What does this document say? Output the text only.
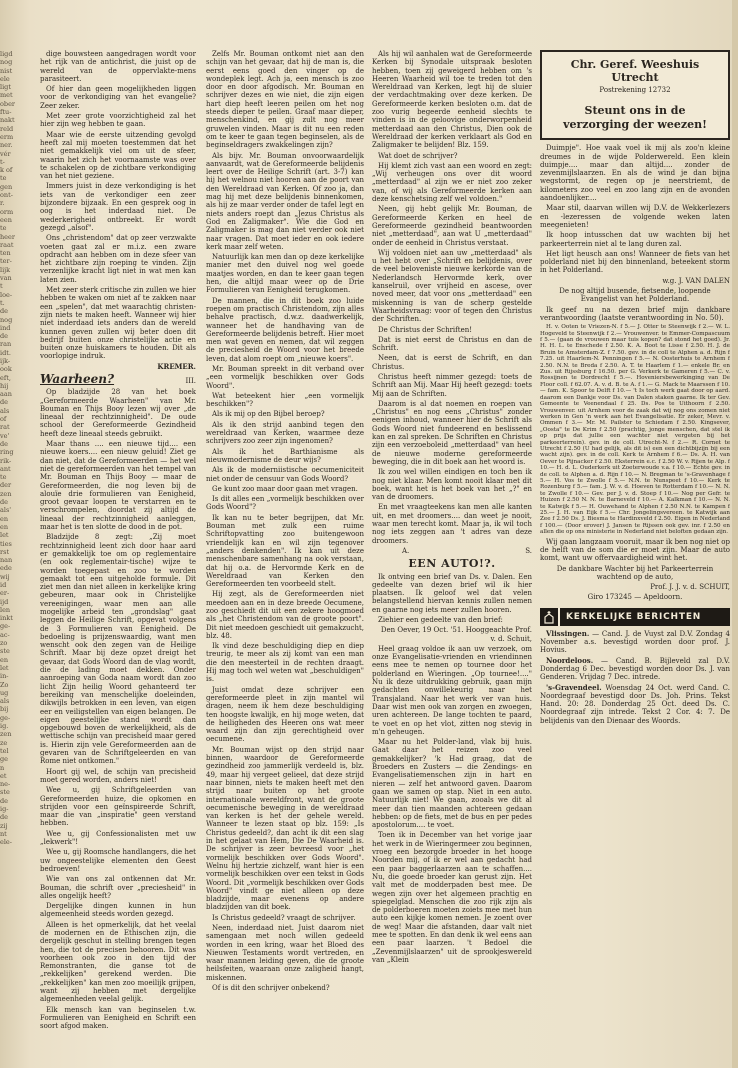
ligd
nog
nist
ele
ligt
met
ober
ftu-
nakt
reld
erm
ner.
vér
t-
k of
te
gen
ont-
r.
orm
een
te
heer
raat
ten
ter-
lijk
van
t
loe-
t.
de
nog
ind
de
ran
idt.
ijk-
ook
eft,
hij
aan
de
als
of
rat
ve'
de
ring
rik-
ant
te
der
zen
de
als'
en
en
let
ties
rst
nan
ede
wij
id
er-
ijd
len
inkt
ge-
ac-
zo
ste
en
let
in-
Zo
ug
als
bij
ge-
ig.
zen
ze
tel
ge
n
et
ne-
ste
de
ig-
de
zij
nt
ele-

dige bouwsteen aangedragen wordt voor het rijk van de antichrist, die juist op de wereld van de oppervlakte-mens parasiteert.

Of hier dan geen mogelijkheden liggen voor de verkondiging van het evangelie? Zeer zeker.

Met zeer grote voorzichtigheid zal het hier zijn weg hebben te gaan.

Maar wie de eerste uitzending gevolgd heeft zal mij moeten toestemmen dat het niet gemakkelijk viel om uit de sfeer, waarin het zich het voornaamste was over te schakelen op de zichtbare verkondiging van het niet geziene.

Immers juist in deze verkondiging is het iets van de verkondiger een zeer bijzondere bijzaak. En een gesprek oog in oog is het inderdaad niet. De wederkerigheid ontbreekt. Er wordt gezegd „alsof".

Ons „christendom" dat op zeer verzwakte voeten gaat zal er m.i.z. een zware opdracht aan hebben om in deze sfeer van het zichtbare zijn roeping te vinden. Zijn verzenlijke kracht ligt niet in wat men kan laten zien.

Met zeer sterk critische zin zullen we hier hebben te waken om niet af te zakken naar een „spelen", dat met waarachtig christen-zijn niets te maken heeft. Wanneer wij hier niet inderdaad iets anders dan de wereld kunnen geven zullen wij beter doen dit bedrijf buiten onze christelijke actie en buiten onze huiskamers te houden. Dit als voorlopige indruk.

KREMER.

Waarheen?	III.

Op bladzijde 28 van het boek „Gereformeerde Waarheen" van Mr. Bouman en Thijs Booy lezen wij over „de lineaal der rechtzinnigheid". De oude school der Gereformeerde Gezindheid heeft deze lineaal steeds gebruikt.

Maar thans .... een nieuwe tijd.... een nieuwe koers.... een nieuw geluid! Ziet ge dan niet, dat de Gereformeerden — het wel niet de gereformeerden van het tempel van Mr. Bouman en Thijs Booy — maar de Gereformeerden, die nog leven bij de alouïe drie formulieren van Eenigheid, groot gevaar loopen te verstarren en te verschrompelen, doordat zij altijd de lineaal der rechtzinnigheid aanleggen, maar het is ten slotte de dood in de pot.

Bladzijde 8 zegt: „Zij moet rechtzinnigheid leent zich door haar aard er gemakkelijk toe om op reglementaire (en ook reglementair-tische) wijze te worden toegepast en zoo te worden gemaakt tot een uitgeholde formule. Dit ziet men dan niet alleen in kerkelijke kring gebeuren, maar ook in Christelijke vereenigingen, waar men aan alle mogelijke arbeid ten „grondslag" gaat leggen de Heilige Schrift, opgevat volgens de 3 Formulieren van Eenigheid. De bedoeling is prijzenswaardig, want men wenscht ook den zegen van de Heilige Schrift. Maar bij deze opzet dreigt het gevaar, dat Gods Woord dan de vlag wordt, die de lading moet dekken. Onder aanroeping van Goda naam wordt dan zoo licht Zijn heilig Woord gehanteerd ter bereiking van menschelijke doeleinden, dikwijls betrokken in een leven, van eigen eer en veiligstellen van eigen belangen. De eigen geestelijke stand wordt dan opgebouwd boven de werkelijkheid, als de wettische schijn van precisheid maar gered is. Hierin zijn vele Gereformeerden aan de gevaren van de Schriftgeleerden en van Rome niet ontkomen."

Hoort gij wel, de schijn van precisheid moet gered worden, anders niet!

Wee u, gij Schriftgeleerden van Gereformeerden huize, die opkomen en strijden voor een geïnspireerde Schrift, maar die van „inspiratie" geen verstand hebben.

Wee u, gij Confessionalisten met uw „lekwerk"!

Wee u, gij Roomsche handlangers, die het uw ongeestelijke elementen den Geest bedroeven!

Wie van ons zal ontkennen dat Mr. Bouman, die schrift over „preciesheid" in alles ongelijk heeft?

Dergelijke dingen kunnen in hun algemeenheid steeds worden gezegd.

Alleen is het opmerkelijk, dat het veelal de modernen en de Ethischen zijn, die dergelijk geschut in stelling brengen tegen hen, die tot de precisen behooren. Dit was voorheen ook zoo in den tijd der Remonstranten, die ganse tot de „rekkelijken" gerekend werden. Die „rekkelijken" kan men zoo moeilijk grijpen, want zij hebben met dergelijke algemeenheden veelal gelijk.

Elk mensch kan van beginselen t.w. Formulieren van Eenigheid en Schrift een soort afgod maken.

Zelfs Mr. Bouman ontkomt niet aan den schijn van het gevaar, dat hij de man is, die eerst eens goed den vinger op de wondeplek legt. Ach ja, een mensch is zoo door en door afgodisch. Mr. Bouman en schrijver dezes en wie niet, die zijn eigen hart diep heeft leeren peilen om het nog steeds dieper te peilen. Graaf maar dieper, menschenkind, en gij zult nog meer gruwelen vinden. Maar is dit nu een reden om te keer te gaan tegen beginselen, als de beginseldragers zwakkelingen zijn?

Als bijv. Mr. Bouman onvoorwaardelijk aanvaardt, wat de Gereformeerde belijdenis leert over de Heilige Schrift (art. 3-7) kan hij het welnou niet hooren aan de poort van den Wereldraad van Kerken. Of zoo ja, dan mag hij met deze belijdenis binnenkomen, als hij ze maar verder onder de tafel legt en niets anders roept dan „Jezus Christus als God en Zaligmaker". Wie die God en Zaligmaker is mag dan niet verder ook niet naar vragen. Dat moet ieder en ook iedere kerk maar zelf weten.

Natuurlijk kan men dan op deze kerkelijke manier met den duivel nog wel goede maatjes worden, en dan te keer gaan tegen hen, die altijd maar weer op de Drie Formulieren van Eenigheid terugkomen.

De mannen, die in dit boek zoo luide roepen om practisch Christendom, zijn alles behalve practisch, d.w.z. daadwerkelijk, wanneer het de handhaving van de Gereformeerde belijdenis betreft. Hier moet men wat geven en nemen, dat wil zeggen de preciesheid de Woord voor het breede leven, dat alom roept om „nieuwe koers".

Mr. Bouman spreekt in dit verband over „een vormelijk beschikken over Gods Woord".

Wat beteekent hier „een vormelijk beschikken"?

Als ik mij op den Bijbel beroep?

Als ik den strijd aanbind tegen den wereldraad van Kerken, waarmee deze schrijvers zoo zeer zijn ingenomen?

Als ik het Barthianisme als nieuwmodernisme de deur wijs?

Als ik de moderniistische oecumeniciteit niet onder de censuur van Gods Woord?

Ge kunt zoo maar door gaan met vragen.

Is dit alles een „vormelijk beschikken over Gods Woord"?

Ik kan nu te beter begrijpen, dat Mr. Bouman met zulk een ruime Schriftopvatting zoo buitengewoon vriendelijk kan en wil zijn tegenover „anders denkenden". Ik kan uit deze menschenbare samenhang na ook verstaan, dat hij o.a. de Hervormde Kerk en de Wereldraad van Kerken den Gereformeerden ten voorbeeld stelt.

Hij zegt, als de Gereformeerden niet meedoen aan en in deze breede Oecumene, zoo geschiedt dit uit een zekere hoogmoed als „het Christendom van de groote poort". Dit niet meedoen geschiedt uit gemakzucht, blz. 48.

Ik vind deze beschuldiging diep en diep treurig, te meer als zij komt van een man die den meesterteil in de rechten draagt. Hij mag toch wel weten wat „beschuldigen" is.

Juist omdat deze schrijver een gereformeerde pleet in zijn mantel wil dragen, neem ik hem deze beschuldiging ten hoogste kwalijk, en hij moge weten, dat de heiligheden des Heeren ons wat meer waard zijn dan zijn gerechtigheid over oecumene.

Mr. Bouman wijst op den strijd naar binnen, waardoor de Gereformeerde gezindheid zoo jammerlijk verdeeld is, blz. 49, maar hij vergeet gelieel, dat deze strijd naar binnen, niets te maken heeft met den strijd naar buiten op het groote internationale wereldfront, want de groote oecumenische beweging in de wereldraad van kerken is het der gehele wereld. Wanneer te lezen staat op blz. 159: „Is Christus gedeeld?, dan acht ik dit een slag in het gelaat van Hem, Die De Waarheid is. De schrijver is zeer bevreesd voor „het vormelijk beschikken over Gods Woord". Welnu hij hertzie zichzelf, want hier is een vormelijk beschikken over een tekst in Gods Woord. Dit „vormelijk beschikken over Gods Woord" vindt ge niet alleen op deze bladzijde, maar evenens op andere bladzijden van dit boek.

Is Christus gedeeld? vraagt de schrijver.

Neen, inderdaad niet. Juist daarom niet samengaan met noch willen gedeeld worden in een kring, waar het Bloed des Nieuwen Testaments wordt vertreden, en waar mannen leiding geven, die de groote heilsfeiten, waaraan onze zaligheid hangt, miskennen.

Of is dit den schrijver onbekend?

Als hij wil aanhalen wat de Gereformeerde Kerken bij Synodale uitspraak besloten hebben, toen zij geweigerd hebben om 's Heeren Waarheid wil toe te treden tot den Wereldraad van Kerken, legt hij de sluier der verdachtmaking over deze kerken. De Gereformeerde kerken besloten o.m. dat de zoo vurig begeerde eenheid slechts te vinden is in de geloovige onderworpenheid metterdaad aan den Christus, Dien ook de Wereldraad der kerken verklaart als God en Zaligmaker te belijden! Blz. 159.

Wat doet de schrijver?

Hij klemt zich vast aan een woord en zegt: „Wij verheugen ons over dit woord „metterdaad" al zijn we er niet zoo zeker van, of wij als Gereformeerde kerken aan deze kenschetsing zelf wel voldoen."

Neen, gij hebt gelijk Mr. Bouman, de Gereformeerde Kerken en heel de Gereformeerde gezindheid beantwoorden niet „metterdaad", aan wat U „metterdaad" onder de eenheid in Christus verstaat.

Wij voldoen niet aan uw „metterdaad" als u het hebt over „Schrift en belijdenis, over de veel beloveniste nieuwe kerkorde van de Nederlandsch Hervormde kerk, over kanselruil, over vrijheid en ascese, over noved meer, dat voor ons „metterdaad" een miskenning is van de scherp gestelde Waarheidsvraag: voor of tegen den Christus der Schriften.

De Christus der Schriften!

Dat is niet eerst de Christus en dan de Schrift.

Neen, dat is eerst de Schrift, en dan Christus.

Christus heeft nimmer gezegd: toets de Schrift aan Mij. Maar Hij heeft gezegd: toets Mij aan de Schriften.

Daarom is al dat noemen en roepen van „Christus" en nog eens „Christus" zonder eenigen inhoud, wanneer hier de Schrift als Gods Woord niet fundeerend en beslissend kan en zal spreken. De Schriften en Christus zijn een verzoeboleid „metterdaad" van heel de nieuwe moderne gereformeerde beweging, die in dit boek aan het woord is.

Ik zou wel willen eindigen en toch ben ik nog niet klaar. Men komt nooit klaar met dit boek, want het is het boek van het „?" en van de droomers.

En met vraagteekens kan men alle kanten uit, en met droomers.... dan weet je nooit, waar men terecht komt. Maar ja, ik wil toch nog iets zeggen aan 't adres van deze droomers.

A.	S.
EEN AUTO!?.

Ik ontving een brief van Ds. v. Dalen. Een gedeelte van dezen brief wil ik hier plaatsen. Ik geloof wel dat velen belangstellend hiervan kennis zullen nemen en gaarne nog iets meer zullen hooren.

Ziehier een gedeelte van den brief:

Den Oever, 19 Oct. '51. Hooggeachte Prof. v. d. Schuit,

Heel graag voldoe ik aan uw verzoek, om onze Evangelisatie-vrienden en vriendinnen eens mee te nemen op tournee door het polderland en Wieringen. „Op tournee!...." Nu ik deze uitdrukking gebruik, gaan mijn gedachten onwillekeurig naar het Transjaland. Naar het werk ver van huis. Daar wist men ook van zorgen en zwoegen, uren achtereen. De lange tochten te paard, te voet en op het vlot, zitten nog stevig in m'n geheugen.

Maar nu het Polder-land, vlak bij huis. Gaat daar het reizen zoo veel gemakkelijker? 'k Had graag, dat de Broeders en Zusters — die Zendings- en Evangelisatiemenschen zijn in hart en nieren — zelf het antwoord gaven. Daarom gaan we samen op stap. Niet in een auto. Natuurlijk niet! We gaan, zooals we dit al meer dan tien maanden achtereen gedaan hebben: op de fiets, met de bus en per pedes apostolorum.... te voet.

Toen ik in December van het vorige jaar het werk in de Wieringermeer zou beginnen, vroeg een bezorgde broeder in het hooge Noorden mij, of ik er wel aan gedacht had een paar baggerlaarzen aan te schaffen.... Nu, die goede broeder kan gerust zijn. Het valt met de modderpaden best mee. De wegen zijn over het algemeen prachtig en spiegelglad. Menschen die zoo rijk zijn als de polderboeren moeten zoiets mee met hun auto een kijkje komen nemen. Je zoent over de weg! Maar die afstanden, daar valt niet mee te spotten. En dan denk ik wel eens aan een paar laarzen. 't Bedoel die „Zevenmijlslaarzen" uit de sprookjeswereld van „Klein

Chr. Geref. Weeshuis
Utrecht
Postrekening 12732
Steunt ons in de
verzorging der weezen!

Duimpje". Hoe vaak voel ik mij als zoo'n kleine dreumes in de wijde Polderwereld. Een klein duimpje.... maar dan altijd.... zonder de zevenmijlslaarzen. En als de wind je dan bijna wegstormt, de regen op je neerstriemt, de kilometers zoo veel en zoo lang zijn en de avonden aandoenlijker....

Maar stil, daarvan willen wij D.V. de Wekkerlezers en -lezeressen de volgende weken laten meegenieten!

Ik hoop intusschen dat uw wachten bij het parkeerterrein niet al te lang duren zal.

Het ligt heusch aan ons! Wanneer de fiets van het polderland niet bij den binnenland, beteekent storm in het Polderland.

w.g. J. VAN DALEN

De nog altijd busende, fietsende, loopende Evangelist van het Polderland.

Ik geef nu na dezen brief mijn dankbare verantwoording (laatste verantwoording in No. 50).

H. v. Ooten te Vriezen-N. f 5.— J. Otter te Steenwijk f 2.— W. L. Hogeveld te Steenwijk f 2.— Vrouwenver. te Emmer-Compascuum f 5.— (gaan de vrouwen maar tuis kopen? dat stond het goed). Jr. H. H. L. te Enschede f 2.50. K. A. Boot te Lisse f 2.50. H. J. de Bruin te Amsterdam-Z. f 7.50. gev. in de coll te Alphen a. d. Rijn f 7.25. uit Haarlem-N. Penningen f 5.— N. Oosterhuis te Arnhem f 2.50. N.N. te Breda f 2.50. A. T. te Haarlem f 1.— enkele Br. en Zus. uit Rijssburg f 16.50. per G. Verkerk te Gameren f 5.— C. v. Rossijnen te Dordrecht f 5.—. Hoveniersbewerkinging van De Floor coll. f 62.07. A. v. d. B. te A. f 1.— G. Mack te Maarssen f 10.— fam. K. Spoor te Delft f 10.— 't Is toch werk gaat door op aard. daarom een Dankje voor Ds. van Dalen staken gaarne. Ik ter Gev. Gemeente te Veenendaal f 25. Ds. Pos te Uithoorn f 2.50. Vrouwenver. uit Arnhem voor de zaak dat wij nog ons zomen niet werken in Gen 'n werk aan het Evangelisatie. Er zeker, Mevr. v. Ommen f 3.— Mr. M. Pailster te Schiedam f 2.50. Kingsever, „Oosta" te De Krim f 2.50 (prachtig, jonge menschen, dat stel ik op prijs dat jullie een wachter niet vergeten bij het parkeerterrein). gev. in de coll. Utrecht-N. f 2.— R. Cornet te Utrecht f 2.50 (U had gelijk, als dit is) een een dichtbijzijn bij een wacht zijn). gev. in de coll. Kerk te Arnhem f 6.— Ds. A. H. van Oever te Pijnacker f 2.50. Eksterrein e.c. f 2.50 W. v. Rijen te Alp. f 10.— H. d. L. Ouderkerk uit Zoeterwoude v.a. f 10.— Echte gev. in de coll. te Alphen a. d. Rijn f 10.— N. Bregman te 's-Gravenhage f 5.— H. Vos te Zwolle f 5.— N.N. te Nunspeet f 10.— Kerk te Rozenburg f 5.— fam. J. W. v. d. Hoeven te Rotterdam f 10.— N. N. te Zwolle f 10.— Gev. per J. v. d. Stoep f 10.— Nog per Gefr. te Huizen f 2.50 N. N. te Barneveld f 10.— A. Kalkman f 10.— N. N. te Katwijk f 5.— H. Ouwehand te Alphen f 2.50 N.N. te Kampen f 25.— J. H. van Eijk f 5.— Chr. Jongelingsvereen. te Katwijk aan Zee f 2.50 Ds. J. Biesma te Hardinxveld f 2.50. Eigen in Nederland f 100.— (Door erover) J. Jansen te Rijssen ook gev. inr. f 2.50 en allen die op ons ministerie in Nederland niet beloften gedaan zijn.

Wij gaan langzaam vooruit, maar ik ben nog niet op de helft van de som die er moet zijn. Maar de auto komt, want uw offervaardigheid wint het.

De dankbare Wachter bij het Parkeerterrein wachtend op de auto,

Prof. J. J. v. d. SCHUIT,

Giro 173245 — Apeldoorn.

KERKELIJKE BERICHTEN

Vlissingen. — Cand. J. de Vuyst zal D.V. Zondag 4 November a.s. bevestigd worden door prof. J. Hovius.

Noordeloos. — Cand. B. Bijleveld zal D.V. Donderdag 6 Dec. bevestigd worden door Ds. J. van Genderen. Vrijdag 7 Dec. intrede.

's-Gravendeel. Woensdag 24 Oct. werd Cand. C. Noordegraaf bevestigd door Ds. Joh. Prins. Tekst Hand. 20: 28. Donderdag 25 Oct. deed Ds. C. Noordegraaf zijn intrede. Tekst 2 Cor. 4: 7. De belijdenis van den Dienaar des Woords.
